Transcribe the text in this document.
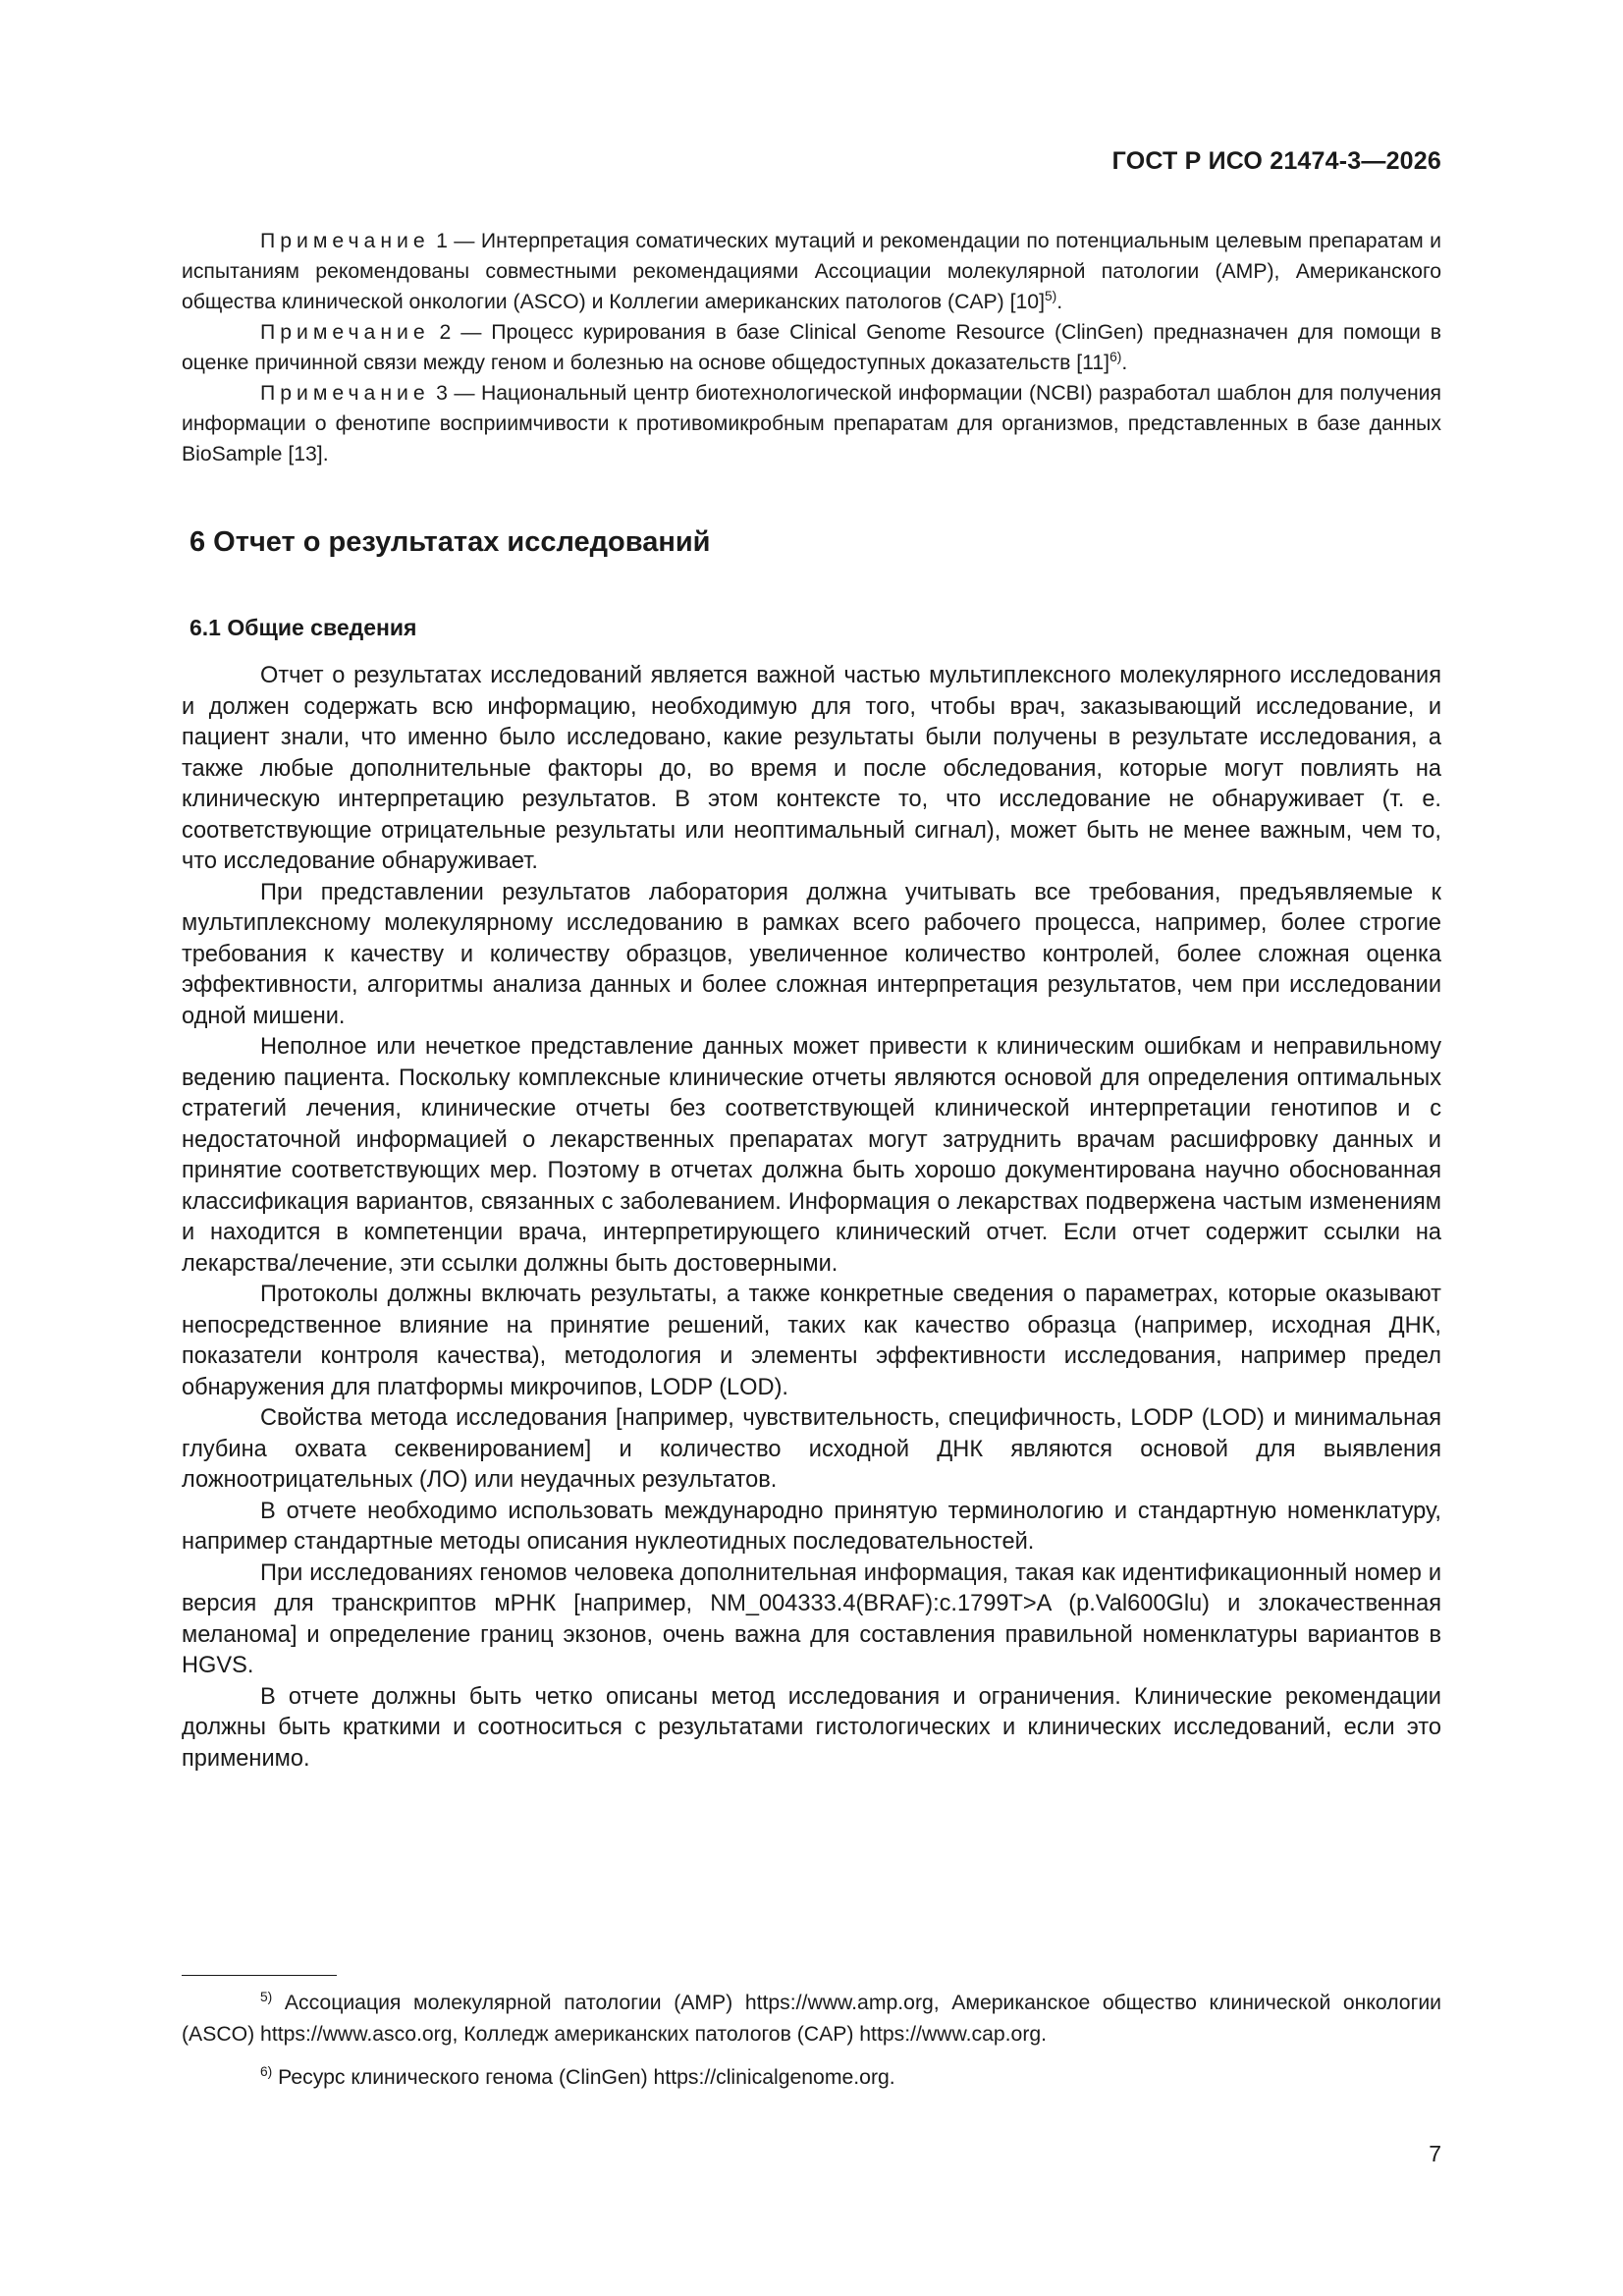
ГОСТ Р ИСО 21474-3—2026

Примечание 1 — Интерпретация соматических мутаций и рекомендации по потенциальным целевым препаратам и испытаниям рекомендованы совместными рекомендациями Ассоциации молекулярной патологии (AMP), Американского общества клинической онкологии (ASCO) и Коллегии американских патологов (CAP) $[10]^{5)}$.

Примечание 2 — Процесс курирования в базе Clinical Genome Resource (ClinGen) предназначен для помощи в оценке причинной связи между геном и болезнью на основе общедоступных доказательств $[11]^{6)}$.

Примечание 3 — Национальный центр биотехнологической информации (NCBI) разработал шаблон для получения информации о фенотипе восприимчивости к противомикробным препаратам для организмов, представленных в базе данных BioSample [13].

6 Отчет о результатах исследований
6.1 Общие сведения

Отчет о результатах исследований является важной частью мультиплексного молекулярного исследования и должен содержать всю информацию, необходимую для того, чтобы врач, заказывающий исследование, и пациент знали, что именно было исследовано, какие результаты были получены в результате исследования, а также любые дополнительные факторы до, во время и после обследования, которые могут повлиять на клиническую интерпретацию результатов. В этом контексте то, что исследование не обнаруживает (т. е. соответствующие отрицательные результаты или неоптимальный сигнал), может быть не менее важным, чем то, что исследование обнаруживает.

При представлении результатов лаборатория должна учитывать все требования, предъявляемые к мультиплексному молекулярному исследованию в рамках всего рабочего процесса, например, более строгие требования к качеству и количеству образцов, увеличенное количество контролей, более сложная оценка эффективности, алгоритмы анализа данных и более сложная интерпретация результатов, чем при исследовании одной мишени.

Неполное или нечеткое представление данных может привести к клиническим ошибкам и неправильному ведению пациента. Поскольку комплексные клинические отчеты являются основой для определения оптимальных стратегий лечения, клинические отчеты без соответствующей клинической интерпретации генотипов и с недостаточной информацией о лекарственных препаратах могут затруднить врачам расшифровку данных и принятие соответствующих мер. Поэтому в отчетах должна быть хорошо документирована научно обоснованная классификация вариантов, связанных с заболеванием. Информация о лекарствах подвержена частым изменениям и находится в компетенции врача, интерпретирующего клинический отчет. Если отчет содержит ссылки на лекарства/лечение, эти ссылки должны быть достоверными.

Протоколы должны включать результаты, а также конкретные сведения о параметрах, которые оказывают непосредственное влияние на принятие решений, таких как качество образца (например, исходная ДНК, показатели контроля качества), методология и элементы эффективности исследования, например предел обнаружения для платформы микрочипов, LODP (LOD).

Свойства метода исследования [например, чувствительность, специфичность, LODP (LOD) и минимальная глубина охвата секвенированием] и количество исходной ДНК являются основой для выявления ложноотрицательных (ЛО) или неудачных результатов.

В отчете необходимо использовать международно принятую терминологию и стандартную номенклатуру, например стандартные методы описания нуклеотидных последовательностей.

При исследованиях геномов человека дополнительная информация, такая как идентификационный номер и версия для транскриптов мРНК [например, NM_004333.4(BRAF):c.1799T>A (p.Val600Glu) и злокачественная меланома] и определение границ экзонов, очень важна для составления правильной номенклатуры вариантов в HGVS.

В отчете должны быть четко описаны метод исследования и ограничения. Клинические рекомендации должны быть краткими и соотноситься с результатами гистологических и клинических исследований, если это применимо.

$^{5)}$ Ассоциация молекулярной патологии (AMP) https://www.amp.org, Американское общество клинической онкологии (ASCO) https://www.asco.org, Колледж американских патологов (CAP) https://www.cap.org.

$^{6)}$ Ресурс клинического генома (ClinGen) https://clinicalgenome.org.

7
